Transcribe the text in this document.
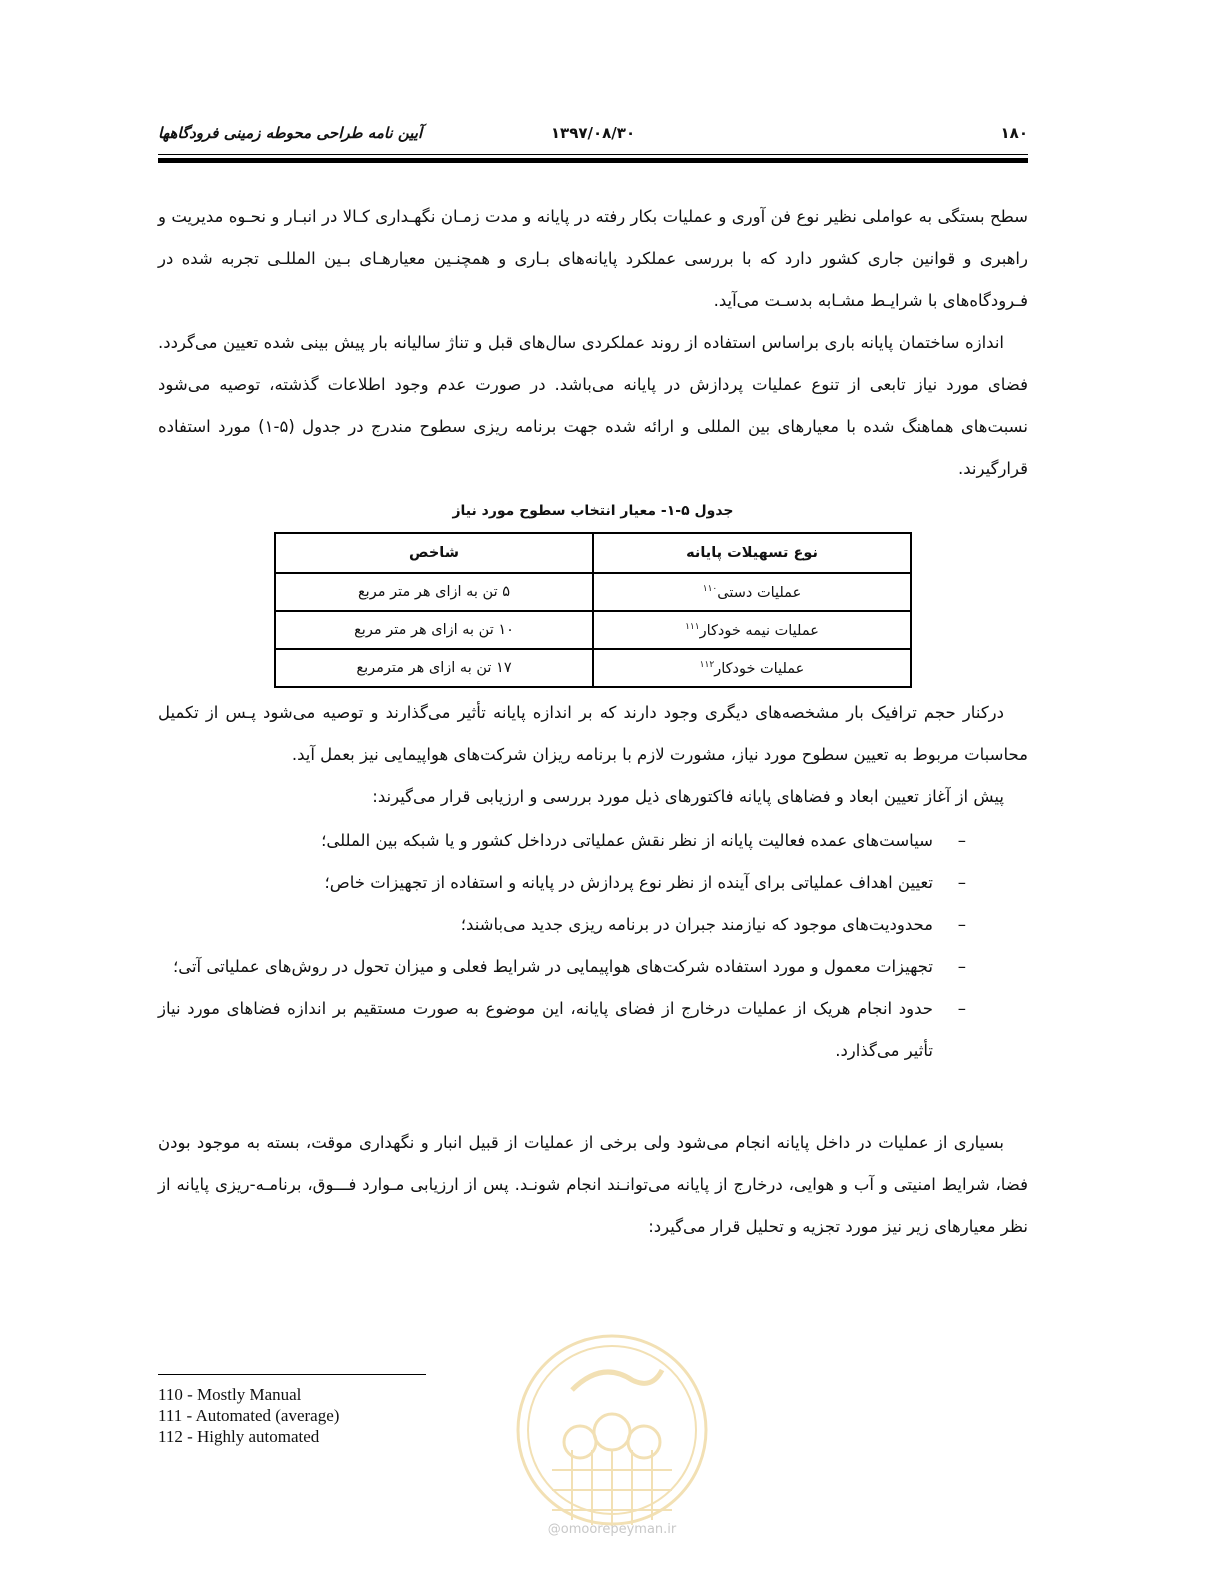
۱۸۰
۱۳۹۷/۰۸/۳۰
آیین نامه طراحی محوطه زمینی فرودگاهها

سطح بستگی به عواملی نظیر نوع فن آوری و عملیات بکار رفته در پایانه و مدت زمـان نگهـداری کـالا در انبـار و نحـوه مدیریت و راهبری و قوانین جاری کشور دارد که با بررسی عملکرد پایانه‌های بـاری و همچنـین معیارهـای بـین المللـی تجربه شده در فـرودگاه‌های با شرایـط مشـابه بدسـت می‌آید.

اندازه ساختمان پایانه باری براساس استفاده از روند عملکردی سال‌های قبل و تناژ سالیانه بار پیش بینی شده تعیین می‌گردد. فضای مورد نیاز تابعی از تنوع عملیات پردازش در پایانه می‌باشد. در صورت عدم وجود اطلاعات گذشته، توصیه می‌شود نسبت‌های هماهنگ شده با معیارهای بین المللی و ارائه شده جهت برنامه ریزی سطوح مندرج در جدول (۵-۱) مورد استفاده قرارگیرند.

جدول ۵-۱- معیار انتخاب سطوح مورد نیاز
نوع تسهیلات پایانه	شاخص
عملیات دستی$^{۱۱۰}$	۵ تن به ازای هر متر مربع
عملیات نیمه خودکار$^{۱۱۱}$	۱۰ تن به ازای هر متر مربع
عملیات خودکار$^{۱۱۲}$	۱۷ تن به ازای هر مترمربع

درکنار حجم ترافیک بار مشخصه‌های دیگری وجود دارند که بر اندازه پایانه تأثیر می‌گذارند و توصیه می‌شود پـس از تکمیل محاسبات مربوط به تعیین سطوح مورد نیاز، مشورت لازم با برنامه ریزان شرکت‌های هواپیمایی نیز بعمل آید.

پیش از آغاز تعیین ابعاد و فضاهای پایانه فاکتورهای ذیل مورد بررسی و ارزیابی قرار می‌گیرند:

–
سیاست‌های عمده فعالیت پایانه از نظر نقش عملیاتی درداخل کشور و یا شبکه بین المللی؛
–
تعیین اهداف عملیاتی برای آینده از نظر نوع پردازش در پایانه و استفاده از تجهیزات خاص؛
–
محدودیت‌های موجود که نیازمند جبران در برنامه ریزی جدید می‌باشند؛
–
تجهیزات معمول و مورد استفاده شرکت‌های هواپیمایی در شرایط فعلی و میزان تحول در روش‌های عملیاتی آتی؛
–
حدود انجام هریک از عملیات درخارج از فضای پایانه، این موضوع به صورت مستقیم بر اندازه فضاهای مورد نیاز تأثیر می‌گذارد.

بسیاری از عملیات در داخل پایانه انجام می‌شود ولی برخی از عملیات از قبیل انبار و نگهداری موقت، بسته به موجود بودن فضا، شرایط امنیتی و آب و هوایی، درخارج از پایانه می‌توانـند انجام شونـد. پس از ارزیابی مـوارد فـــوق، برنامـه-ریزی پایانه از نظر معیارهای زیر نیز مورد تجزیه و تحلیل قرار می‌گیرد:

110 - Mostly Manual
111 - Automated (average)
112 - Highly automated
@omoorepeyman.ir
